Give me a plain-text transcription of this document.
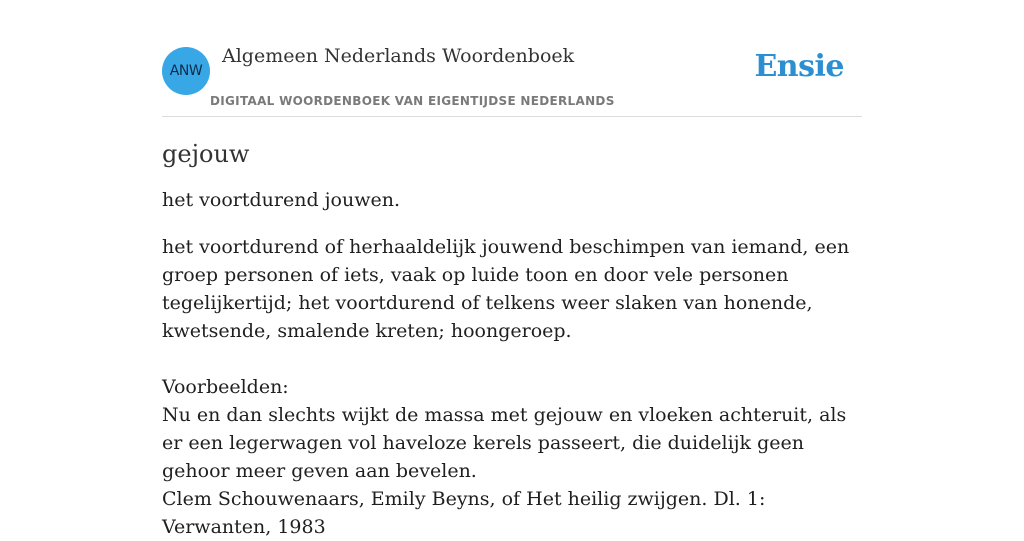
ANW
Algemeen Nederlands Woordenboek
DIGITAAL WOORDENBOEK VAN EIGENTIJDSE NEDERLANDS
Ensie
gejouw

het voortdurend jouwen.

het voortdurend of herhaaldelijk jouwend beschimpen van iemand, een groep personen of iets, vaak op luide toon en door vele personen tegelijkertijd; het voortdurend of telkens weer slaken van honende, kwetsende, smalende kreten; hoongeroep.

Voorbeelden:

Nu en dan slechts wijkt de massa met gejouw en vloeken achteruit, als er een legerwagen vol haveloze kerels passeert, die duidelijk geen gehoor meer geven aan bevelen.

Clem Schouwenaars, Emily Beyns, of Het heilig zwijgen. Dl. 1: Verwanten, 1983
